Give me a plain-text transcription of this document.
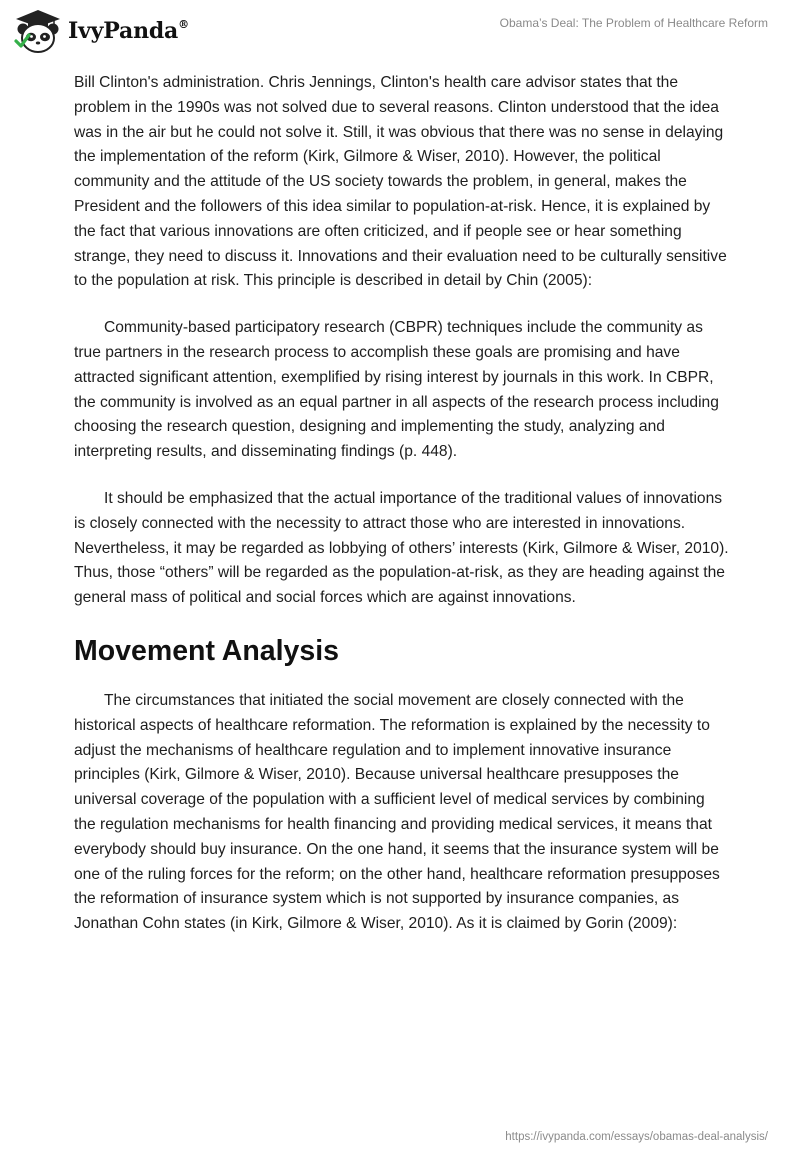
IvyPanda®	Obama’s Deal: The Problem of Healthcare Reform

Bill Clinton's administration. Chris Jennings, Clinton's health care advisor states that the problem in the 1990s was not solved due to several reasons. Clinton understood that the idea was in the air but he could not solve it. Still, it was obvious that there was no sense in delaying the implementation of the reform (Kirk, Gilmore & Wiser, 2010). However, the political community and the attitude of the US society towards the problem, in general, makes the President and the followers of this idea similar to population-at-risk. Hence, it is explained by the fact that various innovations are often criticized, and if people see or hear something strange, they need to discuss it. Innovations and their evaluation need to be culturally sensitive to the population at risk. This principle is described in detail by Chin (2005):

Community-based participatory research (CBPR) techniques include the community as true partners in the research process to accomplish these goals are promising and have attracted significant attention, exemplified by rising interest by journals in this work. In CBPR, the community is involved as an equal partner in all aspects of the research process including choosing the research question, designing and implementing the study, analyzing and interpreting results, and disseminating findings (p. 448).

It should be emphasized that the actual importance of the traditional values of innovations is closely connected with the necessity to attract those who are interested in innovations. Nevertheless, it may be regarded as lobbying of others’ interests (Kirk, Gilmore & Wiser, 2010). Thus, those “others” will be regarded as the population-at-risk, as they are heading against the general mass of political and social forces which are against innovations.

Movement Analysis

The circumstances that initiated the social movement are closely connected with the historical aspects of healthcare reformation. The reformation is explained by the necessity to adjust the mechanisms of healthcare regulation and to implement innovative insurance principles (Kirk, Gilmore & Wiser, 2010). Because universal healthcare presupposes the universal coverage of the population with a sufficient level of medical services by combining the regulation mechanisms for health financing and providing medical services, it means that everybody should buy insurance. On the one hand, it seems that the insurance system will be one of the ruling forces for the reform; on the other hand, healthcare reformation presupposes the reformation of insurance system which is not supported by insurance companies, as Jonathan Cohn states (in Kirk, Gilmore & Wiser, 2010). As it is claimed by Gorin (2009):

https://ivypanda.com/essays/obamas-deal-analysis/
